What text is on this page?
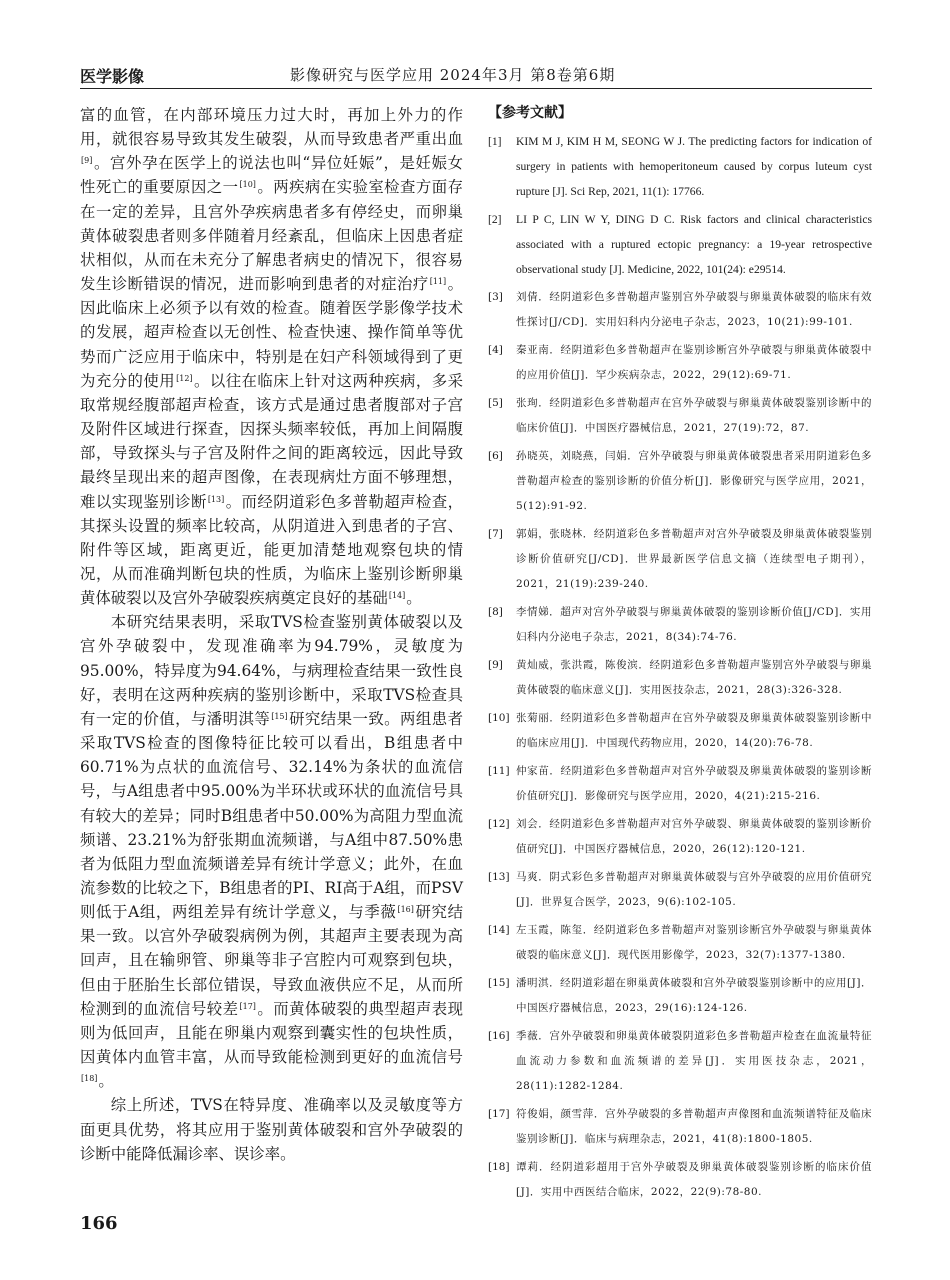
医学影像	影像研究与医学应用 2024年3月 第8卷第6期

富的血管，在内部环境压力过大时，再加上外力的作用，就很容易导致其发生破裂，从而导致患者严重出血[9]。宫外孕在医学上的说法也叫“异位妊娠”，是妊娠女性死亡的重要原因之一[10]。两疾病在实验室检查方面存在一定的差异，且宫外孕疾病患者多有停经史，而卵巢黄体破裂患者则多伴随着月经紊乱，但临床上因患者症状相似，从而在未充分了解患者病史的情况下，很容易发生诊断错误的情况，进而影响到患者的对症治疗[11]。因此临床上必须予以有效的检查。随着医学影像学技术的发展，超声检查以无创性、检查快速、操作简单等优势而广泛应用于临床中，特别是在妇产科领域得到了更为充分的使用[12]。以往在临床上针对这两种疾病，多采取常规经腹部超声检查，该方式是通过患者腹部对子宫及附件区域进行探查，因探头频率较低，再加上间隔腹部，导致探头与子宫及附件之间的距离较远，因此导致最终呈现出来的超声图像，在表现病灶方面不够理想，难以实现鉴别诊断[13]。而经阴道彩色多普勒超声检查，其探头设置的频率比较高，从阴道进入到患者的子宫、附件等区域，距离更近，能更加清楚地观察包块的情况，从而准确判断包块的性质，为临床上鉴别诊断卵巢黄体破裂以及宫外孕破裂疾病奠定良好的基础[14]。

本研究结果表明，采取TVS检查鉴别黄体破裂以及宫外孕破裂中，发现准确率为94.79%，灵敏度为95.00%，特异度为94.64%，与病理检查结果一致性良好，表明在这两种疾病的鉴别诊断中，采取TVS检查具有一定的价值，与潘明淇等[15]研究结果一致。两组患者采取TVS检查的图像特征比较可以看出，B组患者中60.71%为点状的血流信号、32.14%为条状的血流信号，与A组患者中95.00%为半环状或环状的血流信号具有较大的差异；同时B组患者中50.00%为高阻力型血流频谱、23.21%为舒张期血流频谱，与A组中87.50%患者为低阻力型血流频谱差异有统计学意义；此外，在血流参数的比较之下，B组患者的PI、RI高于A组，而PSV则低于A组，两组差异有统计学意义，与季薇[16]研究结果一致。以宫外孕破裂病例为例，其超声主要表现为高回声，且在输卵管、卵巢等非子宫腔内可观察到包块，但由于胚胎生长部位错误，导致血液供应不足，从而所检测到的血流信号较差[17]。而黄体破裂的典型超声表现则为低回声，且能在卵巢内观察到囊实性的包块性质，因黄体内血管丰富，从而导致能检测到更好的血流信号[18]。

综上所述，TVS在特异度、准确率以及灵敏度等方面更具优势，将其应用于鉴别黄体破裂和宫外孕破裂的诊断中能降低漏诊率、误诊率。

【参考文献】
[1]	KIM M J, KIM H M, SEONG W J. The predicting factors for indication of surgery in patients with hemoperitoneum caused by corpus luteum cyst rupture [J]. Sci Rep, 2021, 11(1): 17766.
[2]	LI P C, LIN W Y, DING D C. Risk factors and clinical characteristics associated with a ruptured ectopic pregnancy: a 19-year retrospective observational study [J]. Medicine, 2022, 101(24): e29514.
[3]	刘倩．经阴道彩色多普勒超声鉴别宫外孕破裂与卵巢黄体破裂的临床有效性探讨[J/CD]．实用妇科内分泌电子杂志，2023，10(21):99-101.
[4]	秦亚南．经阴道彩色多普勒超声在鉴别诊断宫外孕破裂与卵巢黄体破裂中的应用价值[J]．罕少疾病杂志，2022，29(12):69-71.
[5]	张珣．经阴道彩色多普勒超声在宫外孕破裂与卵巢黄体破裂鉴别诊断中的临床价值[J]．中国医疗器械信息，2021，27(19):72，87.
[6]	孙晓英，刘晓燕，闫娟．宫外孕破裂与卵巢黄体破裂患者采用阴道彩色多普勒超声检查的鉴别诊断的价值分析[J]．影像研究与医学应用，2021，5(12):91-92.
[7]	郭娟，张晓林．经阴道彩色多普勒超声对宫外孕破裂及卵巢黄体破裂鉴别诊断价值研究[J/CD]．世界最新医学信息文摘（连续型电子期刊），2021，21(19):239-240.
[8]	李情娣．超声对宫外孕破裂与卵巢黄体破裂的鉴别诊断价值[J/CD]．实用妇科内分泌电子杂志，2021，8(34):74-76.
[9]	黄灿威，张洪霞，陈俊滨．经阴道彩色多普勒超声鉴别宫外孕破裂与卵巢黄体破裂的临床意义[J]．实用医技杂志，2021，28(3):326-328.
[10] 张菊丽．经阴道彩色多普勒超声在宫外孕破裂及卵巢黄体破裂鉴别诊断中的临床应用[J]．中国现代药物应用，2020，14(20):76-78.
[11] 仲家苗．经阴道彩色多普勒超声对宫外孕破裂及卵巢黄体破裂的鉴别诊断价值研究[J]．影像研究与医学应用，2020，4(21):215-216.
[12] 刘会．经阴道彩色多普勒超声对宫外孕破裂、卵巢黄体破裂的鉴别诊断价值研究[J]．中国医疗器械信息，2020，26(12):120-121.
[13] 马爽．阴式彩色多普勒超声对卵巢黄体破裂与宫外孕破裂的应用价值研究[J]．世界复合医学，2023，9(6):102-105.
[14] 左玉霞，陈玺．经阴道彩色多普勒超声对鉴别诊断宫外孕破裂与卵巢黄体破裂的临床意义[J]．现代医用影像学，2023，32(7):1377-1380.
[15] 潘明淇．经阴道彩超在卵巢黄体破裂和宫外孕破裂鉴别诊断中的应用[J]．中国医疗器械信息，2023，29(16):124-126.
[16] 季薇．宫外孕破裂和卵巢黄体破裂阴道彩色多普勒超声检查在血流量特征血流动力参数和血流频谱的差异[J]．实用医技杂志，2021，28(11):1282-1284.
[17] 符俊娟，颜雪萍．宫外孕破裂的多普勒超声声像图和血流频谱特征及临床鉴别诊断[J]．临床与病理杂志，2021，41(8):1800-1805.
[18] 谭莉．经阴道彩超用于宫外孕破裂及卵巢黄体破裂鉴别诊断的临床价值[J]．实用中西医结合临床，2022，22(9):78-80.
166
